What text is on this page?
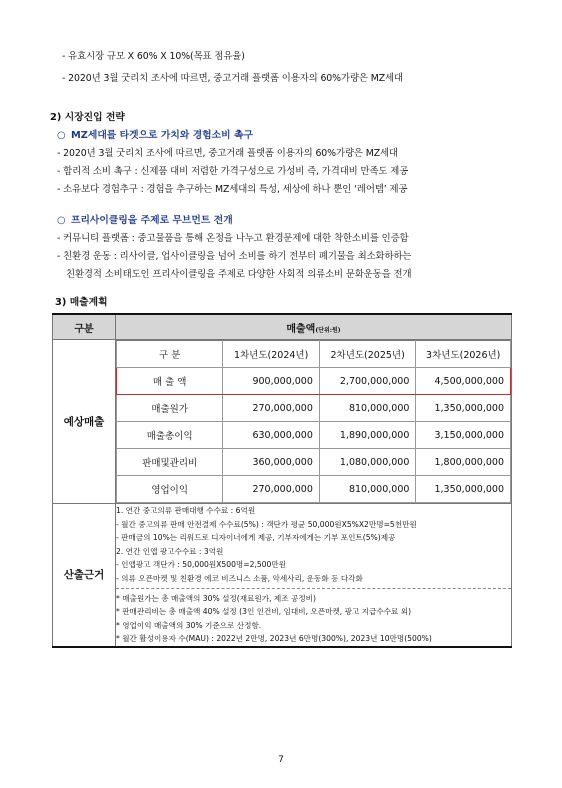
- 유효시장 규모 X 60% X 10%(목표 점유율)
- 2020년 3월 굿리치 조사에 따르면, 중고거래 플랫폼 이용자의 60%가량은 MZ세대
2) 시장진입 전략
○ MZ세대를 타겟으로 가치와 경험소비 촉구
- 2020년 3월 굿리치 조사에 따르면, 중고거래 플랫폼 이용자의 60%가량은 MZ세대
- 합리적 소비 촉구 : 신제품 대비 저렴한 가격구성으로 가성비 즉, 가격대비 만족도 제공
- 소유보다 경험추구 : 경험을 추구하는 MZ세대의 특성, 세상에 하나 뿐인 ‘레어템’ 제공
○ 프리사이클링을 주제로 무브먼트 전개
- 커뮤니티 플랫폼 : 중고물품을 통해 온정을 나누고 환경문제에 대한 착한소비를 인증함
- 친환경 운동 : 리사이클, 업사이클링을 넘어 소비를 하기 전부터 폐기물을 최소화하하는
친환경적 소비태도인 프리사이클링을 주제로 다양한 사회적 의류소비 문화운동을 전개
3) 매출계획
구분	매출액(단위:원)
예상매출	
구 분	1차년도(2024년)	2차년도(2025년)	3차년도(2026년)
매 출 액	900,000,000	2,700,000,000	4,500,000,000
매출원가	270,000,000	810,000,000	1,350,000,000
매출총이익	630,000,000	1,890,000,000	3,150,000,000
판매및관리비	360,000,000	1,080,000,000	1,800,000,000
영업이익	270,000,000	810,000,000	1,350,000,000

산출근거	
1. 연간 중고의류 판매대행 수수료 : 6억원
- 월간 중고의류 판매 안전결제 수수료(5%) : 객단가 평균 50,000원X5%X2만명=5천만원
- 판매금의 10%는 리워드로 디자이너에게 제공, 기부자에게는 기부 포인트(5%)제공
2. 연간 인앱 광고수수료 : 3억원
- 인앱광고 객단가 : 50,000원X500명=2,500만원
- 의류 오픈마켓 및 친환경 에코 비즈니스 소품, 악세사리, 운동화 등 다각화
* 매출원가는 총 매출액의 30% 설정(재료원가, 제조 공정비)
* 판매관리비는 총 매출액 40% 설정 (3인 인건비, 임대비, 오픈마켓, 광고 지급수수료 외)
* 영업이익 매출액의 30% 기준으로 산정함.
* 월간 활성이용자 수(MAU) : 2022년 2만명, 2023년 6만명(300%), 2023년 10만명(500%)
7
